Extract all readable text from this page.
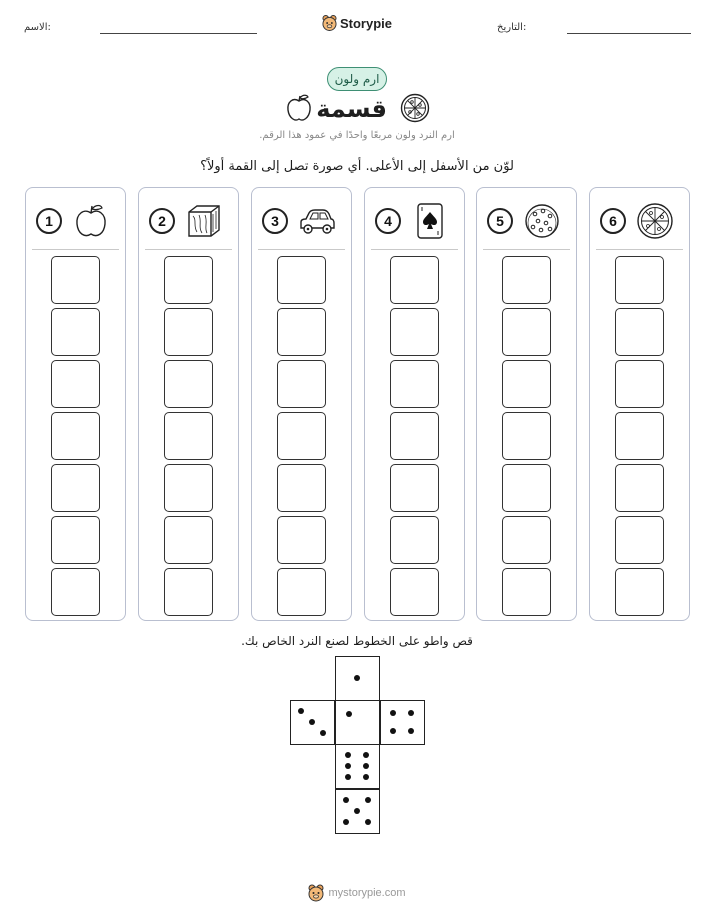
الاسم:	Storypie	التاريخ:
ارم ولون
قسمة
ارم النرد ولون مربعًا واحدًا في عمود هذا الرقم.
لوّن من الأسفل إلى الأعلى. أي صورة تصل إلى القمة أولاً؟
1	2	3	4	5	6
قص واطو على الخطوط لصنع النرد الخاص بك.
mystorypie.com
